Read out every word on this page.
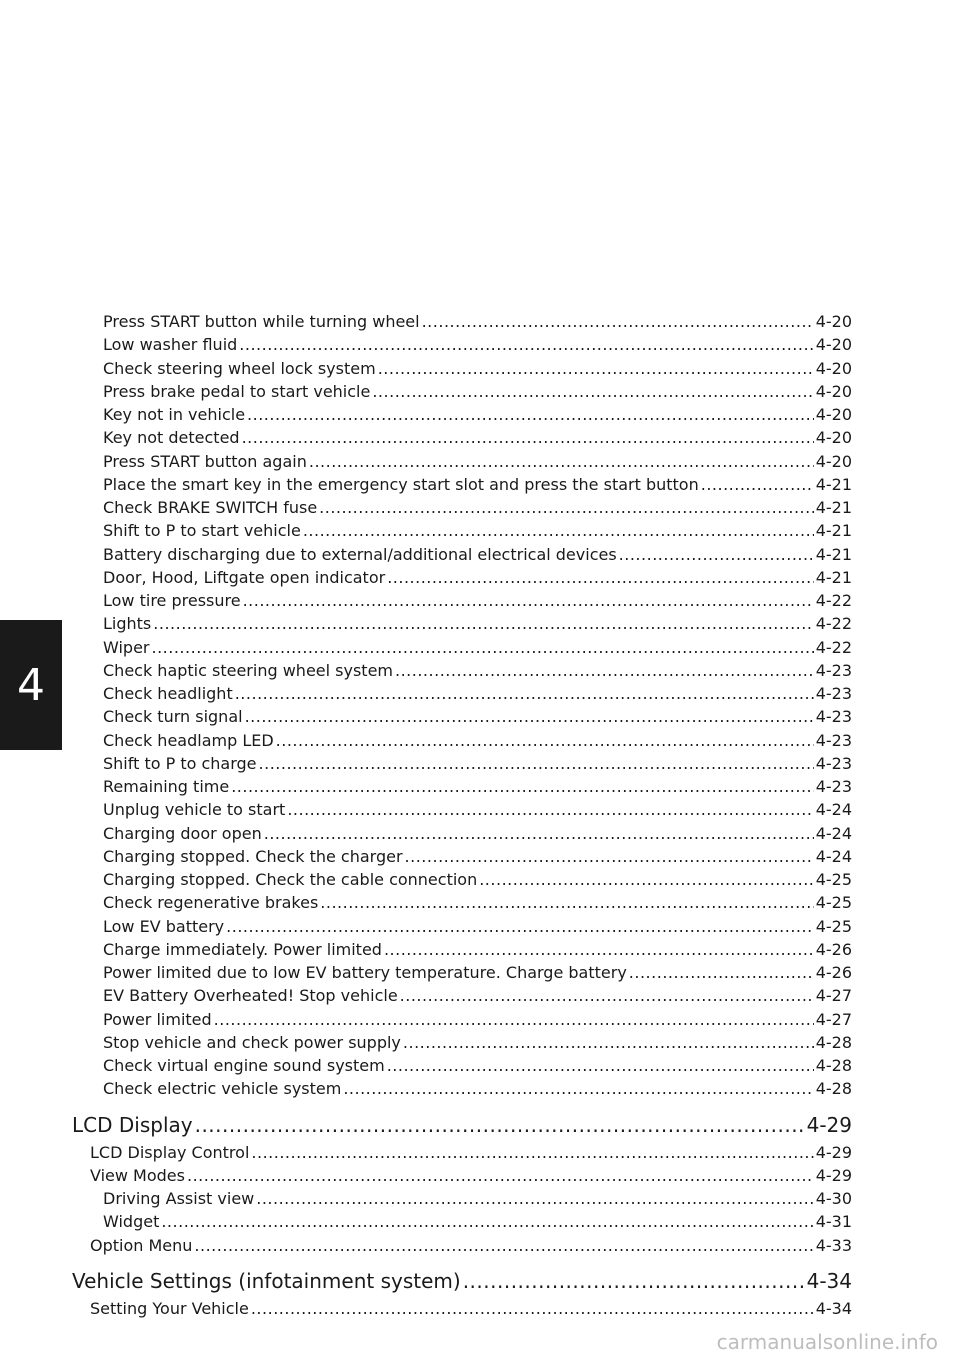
4
Press START button while turning wheel .....	4-20
Low washer fluid .....	4-20
Check steering wheel lock system .....	4-20
Press brake pedal to start vehicle .....	4-20
Key not in vehicle .....	4-20
Key not detected .....	4-20
Press START button again .....	4-20
Place the smart key in the emergency start slot and press the start button .....	4-21
Check BRAKE SWITCH fuse .....	4-21
Shift to P to start vehicle .....	4-21
Battery discharging due to external/additional electrical devices .....	4-21
Door, Hood, Liftgate open indicator .....	4-21
Low tire pressure .....	4-22
Lights .....	4-22
Wiper .....	4-22
Check haptic steering wheel system .....	4-23
Check headlight .....	4-23
Check turn signal .....	4-23
Check headlamp LED .....	4-23
Shift to P to charge .....	4-23
Remaining time .....	4-23
Unplug vehicle to start .....	4-24
Charging door open .....	4-24
Charging stopped. Check the charger .....	4-24
Charging stopped. Check the cable connection .....	4-25
Check regenerative brakes .....	4-25
Low EV battery .....	4-25
Charge immediately. Power limited .....	4-26
Power limited due to low EV battery temperature. Charge battery .....	4-26
EV Battery Overheated! Stop vehicle .....	4-27
Power limited .....	4-27
Stop vehicle and check power supply .....	4-28
Check virtual engine sound system .....	4-28
Check electric vehicle system .....	4-28
LCD Display .....	4-29
LCD Display Control .....	4-29
View Modes .....	4-29
Driving Assist view .....	4-30
Widget .....	4-31
Option Menu .....	4-33
Vehicle Settings (infotainment system) .....	4-34
Setting Your Vehicle .....	4-34
carmanualsonline.info
